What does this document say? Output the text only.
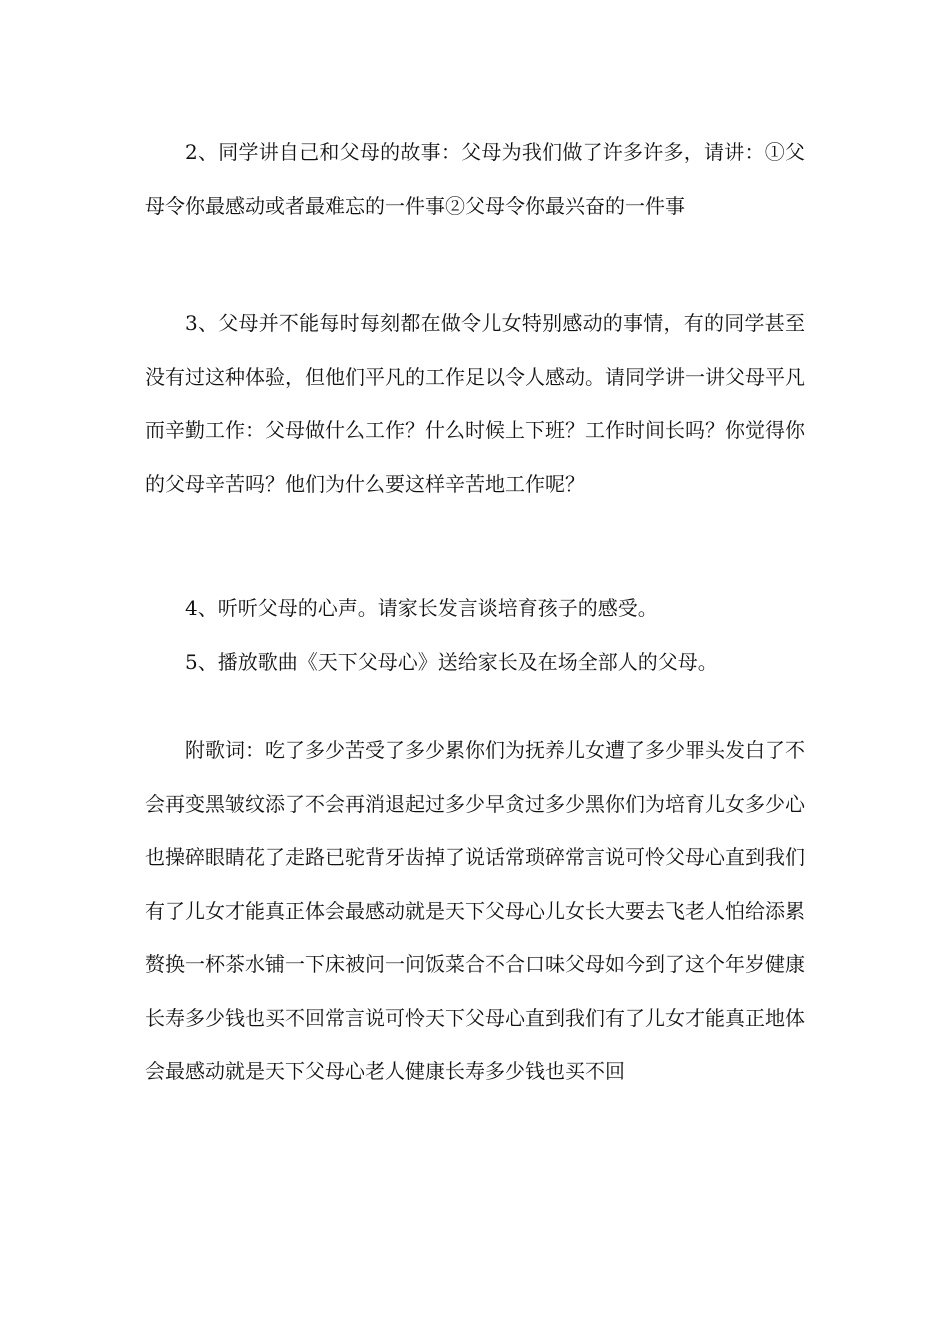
2、同学讲自己和父母的故事：父母为我们做了许多许多，请讲：①父母令你最感动或者最难忘的一件事②父母令你最兴奋的一件事

3、父母并不能每时每刻都在做令儿女特别感动的事情，有的同学甚至没有过这种体验，但他们平凡的工作足以令人感动。请同学讲一讲父母平凡而辛勤工作：父母做什么工作？什么时候上下班？工作时间长吗？你觉得你的父母辛苦吗？他们为什么要这样辛苦地工作呢？

4、听听父母的心声。请家长发言谈培育孩子的感受。

5、播放歌曲《天下父母心》送给家长及在场全部人的父母。

附歌词：吃了多少苦受了多少累你们为抚养儿女遭了多少罪头发白了不会再变黑皱纹添了不会再消退起过多少早贪过多少黑你们为培育儿女多少心也操碎眼睛花了走路已驼背牙齿掉了说话常琐碎常言说可怜父母心直到我们有了儿女才能真正体会最感动就是天下父母心儿女长大要去飞老人怕给添累赘换一杯茶水铺一下床被问一问饭菜合不合口味父母如今到了这个年岁健康长寿多少钱也买不回常言说可怜天下父母心直到我们有了儿女才能真正地体会最感动就是天下父母心老人健康长寿多少钱也买不回
